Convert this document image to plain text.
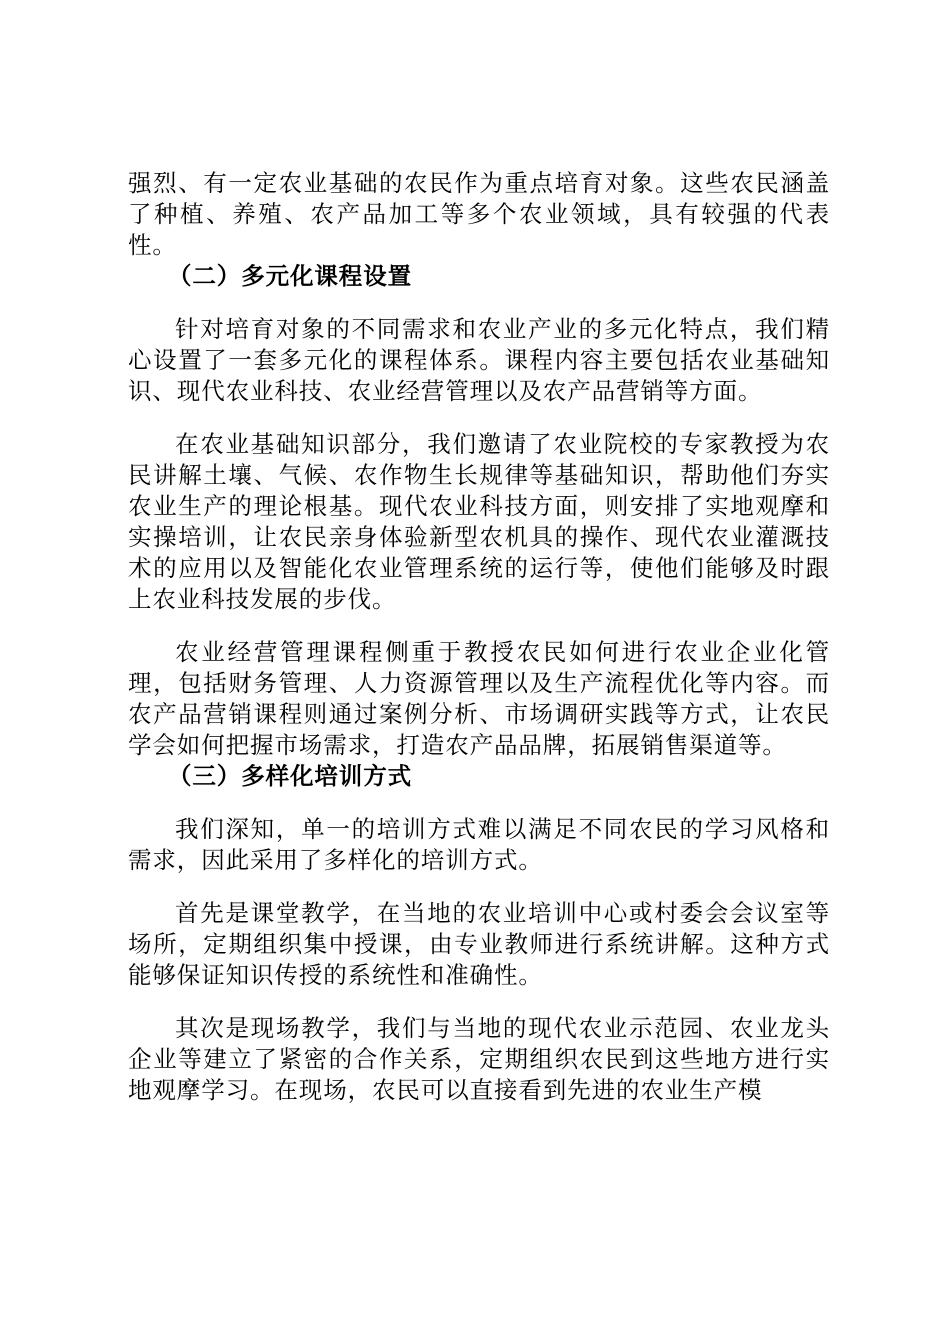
强烈、有一定农业基础的农民作为重点培育对象。这些农民涵盖了种植、养殖、农产品加工等多个农业领域，具有较强的代表性。

（二）多元化课程设置

针对培育对象的不同需求和农业产业的多元化特点，我们精心设置了一套多元化的课程体系。课程内容主要包括农业基础知识、现代农业科技、农业经营管理以及农产品营销等方面。

在农业基础知识部分，我们邀请了农业院校的专家教授为农民讲解土壤、气候、农作物生长规律等基础知识，帮助他们夯实农业生产的理论根基。现代农业科技方面，则安排了实地观摩和实操培训，让农民亲身体验新型农机具的操作、现代农业灌溉技术的应用以及智能化农业管理系统的运行等，使他们能够及时跟上农业科技发展的步伐。

农业经营管理课程侧重于教授农民如何进行农业企业化管理，包括财务管理、人力资源管理以及生产流程优化等内容。而农产品营销课程则通过案例分析、市场调研实践等方式，让农民学会如何把握市场需求，打造农产品品牌，拓展销售渠道等。

（三）多样化培训方式

我们深知，单一的培训方式难以满足不同农民的学习风格和需求，因此采用了多样化的培训方式。

首先是课堂教学，在当地的农业培训中心或村委会会议室等场所，定期组织集中授课，由专业教师进行系统讲解。这种方式能够保证知识传授的系统性和准确性。

其次是现场教学，我们与当地的现代农业示范园、农业龙头企业等建立了紧密的合作关系，定期组织农民到这些地方进行实地观摩学习。在现场，农民可以直接看到先进的农业生产模
